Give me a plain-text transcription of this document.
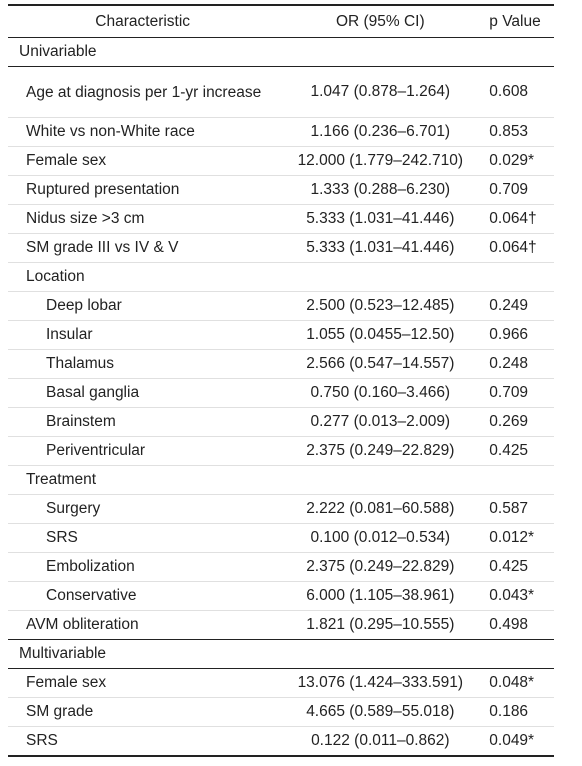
Characteristic	OR (95% CI)	p Value
Univariable		
Age at diagnosis per 1-yr increase	1.047 (0.878–1.264)	0.608
White vs non-White race	1.166 (0.236–6.701)	0.853
Female sex	12.000 (1.779–242.710)	0.029*
Ruptured presentation	1.333 (0.288–6.230)	0.709
Nidus size >3 cm	5.333 (1.031–41.446)	0.064†
SM grade III vs IV & V	5.333 (1.031–41.446)	0.064†
Location		
Deep lobar	2.500 (0.523–12.485)	0.249
Insular	1.055 (0.0455–12.50)	0.966
Thalamus	2.566 (0.547–14.557)	0.248
Basal ganglia	0.750 (0.160–3.466)	0.709
Brainstem	0.277 (0.013–2.009)	0.269
Periventricular	2.375 (0.249–22.829)	0.425
Treatment		
Surgery	2.222 (0.081–60.588)	0.587
SRS	0.100 (0.012–0.534)	0.012*
Embolization	2.375 (0.249–22.829)	0.425
Conservative	6.000 (1.105–38.961)	0.043*
AVM obliteration	1.821 (0.295–10.555)	0.498
Multivariable		
Female sex	13.076 (1.424–333.591)	0.048*
SM grade	4.665 (0.589–55.018)	0.186
SRS	0.122 (0.011–0.862)	0.049*
